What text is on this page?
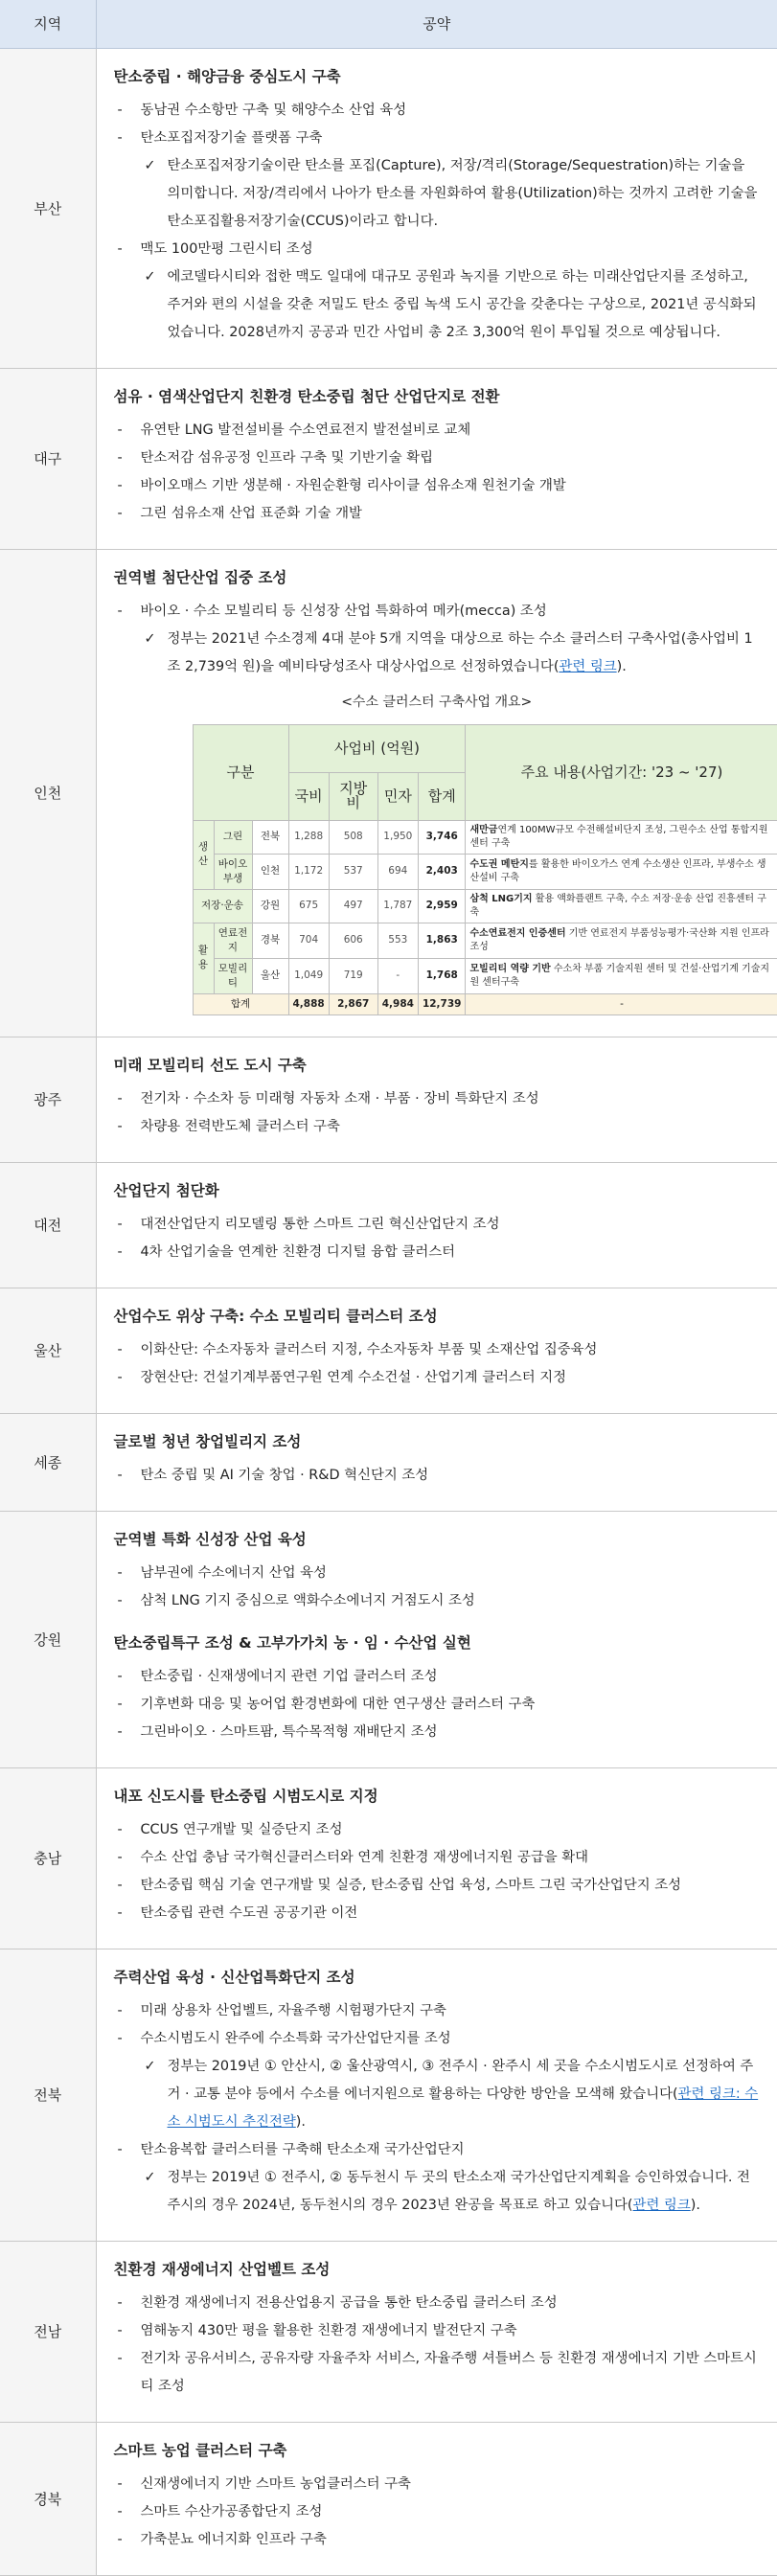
지역	공약
부산	
탄소중립 · 해양금융 중심도시 구축
- 동남권 수소항만 구축 및 해양수소 산업 육성
- 탄소포집저장기술 플랫폼 구축
✓ 탄소포집저장기술이란 탄소를 포집(Capture), 저장/격리(Storage/Sequestration)하는 기술을 의미합니다. 저장/격리에서 나아가 탄소를 자원화하여 활용(Utilization)하는 것까지 고려한 기술을 탄소포집활용저장기술(CCUS)이라고 합니다.
- 맥도 100만평 그린시티 조성
✓ 에코델타시티와 접한 맥도 일대에 대규모 공원과 녹지를 기반으로 하는 미래산업단지를 조성하고, 주거와 편의 시설을 갖춘 저밀도 탄소 중립 녹색 도시 공간을 갖춘다는 구상으로, 2021년 공식화되었습니다. 2028년까지 공공과 민간 사업비 총 2조 3,300억 원이 투입될 것으로 예상됩니다.

대구	
섬유 · 염색산업단지 친환경 탄소중립 첨단 산업단지로 전환
- 유연탄 LNG 발전설비를 수소연료전지 발전설비로 교체
- 탄소저감 섬유공정 인프라 구축 및 기반기술 확립
- 바이오매스 기반 생분해 · 자원순환형 리사이클 섬유소재 원천기술 개발
- 그린 섬유소재 산업 표준화 기술 개발

인천	
권역별 첨단산업 집중 조성
- 바이오 · 수소 모빌리티 등 신성장 산업 특화하여 메카(mecca) 조성
✓ 정부는 2021년 수소경제 4대 분야 5개 지역을 대상으로 하는 수소 클러스터 구축사업(총사업비 1조 2,739억 원)을 예비타당성조사 대상사업으로 선정하였습니다(관련 링크).
<수소 클러스터 구축사업 개요>
구분	사업비 (억원)	주요 내용(사업기간: '23 ~ '27)
국비	지방비	민자	합계
생산	그린	전북	1,288	508	1,950	3,746	새만금연계 100MW규모 수전해설비단지 조성, 그린수소 산업 통합지원센터 구축
바이오부생	인천	1,172	537	694	2,403	수도권 메탄지를 활용한 바이오가스 연계 수소생산 인프라, 부생수소 생산설비 구축
저장·운송	강원	675	497	1,787	2,959	삼척 LNG기지 활용 액화플랜트 구축, 수소 저장·운송 산업 진흥센터 구축
활용	연료전지	경북	704	606	553	1,863	수소연료전지 인증센터 기반 연료전지 부품성능평가·국산화 지원 인프라조성
모빌리티	울산	1,049	719	-	1,768	모빌리티 역량 기반 수소차 부품 기술지원 센터 및 건설·산업기계 기술지원 센터구축
합계	4,888	2,867	4,984	12,739	-

광주	
미래 모빌리티 선도 도시 구축
- 전기차 · 수소차 등 미래형 자동차 소재 · 부품 · 장비 특화단지 조성
- 차량용 전력반도체 클러스터 구축

대전	
산업단지 첨단화
- 대전산업단지 리모델링 통한 스마트 그린 혁신산업단지 조성
- 4차 산업기술을 연계한 친환경 디지털 융합 클러스터

울산	
산업수도 위상 구축: 수소 모빌리티 클러스터 조성
- 이화산단: 수소자동차 클러스터 지정, 수소자동차 부품 및 소재산업 집중육성
- 장현산단: 건설기계부품연구원 연계 수소건설 · 산업기계 클러스터 지정

세종	
글로벌 청년 창업빌리지 조성
- 탄소 중립 및 AI 기술 창업 · R&D 혁신단지 조성

강원	
군역별 특화 신성장 산업 육성
- 남부권에 수소에너지 산업 육성
- 삼척 LNG 기지 중심으로 액화수소에너지 거점도시 조성
탄소중립특구 조성 & 고부가가치 농 · 임 · 수산업 실현
- 탄소중립 · 신재생에너지 관련 기업 클러스터 조성
- 기후변화 대응 및 농어업 환경변화에 대한 연구생산 클러스터 구축
- 그린바이오 · 스마트팜, 특수목적형 재배단지 조성

충남	
내포 신도시를 탄소중립 시범도시로 지정
- CCUS 연구개발 및 실증단지 조성
- 수소 산업 충남 국가혁신클러스터와 연계 친환경 재생에너지원 공급을 확대
- 탄소중립 핵심 기술 연구개발 및 실증, 탄소중립 산업 육성, 스마트 그린 국가산업단지 조성
- 탄소중립 관련 수도권 공공기관 이전

전북	
주력산업 육성 · 신산업특화단지 조성
- 미래 상용차 산업벨트, 자율주행 시험평가단지 구축
- 수소시범도시 완주에 수소특화 국가산업단지를 조성
✓ 정부는 2019년 ① 안산시, ② 울산광역시, ③ 전주시 · 완주시 세 곳을 수소시범도시로 선정하여 주거 · 교통 분야 등에서 수소를 에너지원으로 활용하는 다양한 방안을 모색해 왔습니다(관련 링크: 수소 시범도시 추진전략).
- 탄소융복합 클러스터를 구축해 탄소소재 국가산업단지
✓ 정부는 2019년 ① 전주시, ② 동두천시 두 곳의 탄소소재 국가산업단지계획을 승인하였습니다. 전주시의 경우 2024년, 동두천시의 경우 2023년 완공을 목표로 하고 있습니다(관련 링크).

전남	
친환경 재생에너지 산업벨트 조성
- 친환경 재생에너지 전용산업용지 공급을 통한 탄소중립 클러스터 조성
- 염해농지 430만 평을 활용한 친환경 재생에너지 발전단지 구축
- 전기차 공유서비스, 공유자량 자율주차 서비스, 자율주행 셔틀버스 등 친환경 재생에너지 기반 스마트시티 조성

경북	
스마트 농업 클러스터 구축
- 신재생에너지 기반 스마트 농업클러스터 구축
- 스마트 수산가공종합단지 조성
- 가축분뇨 에너지화 인프라 구축
